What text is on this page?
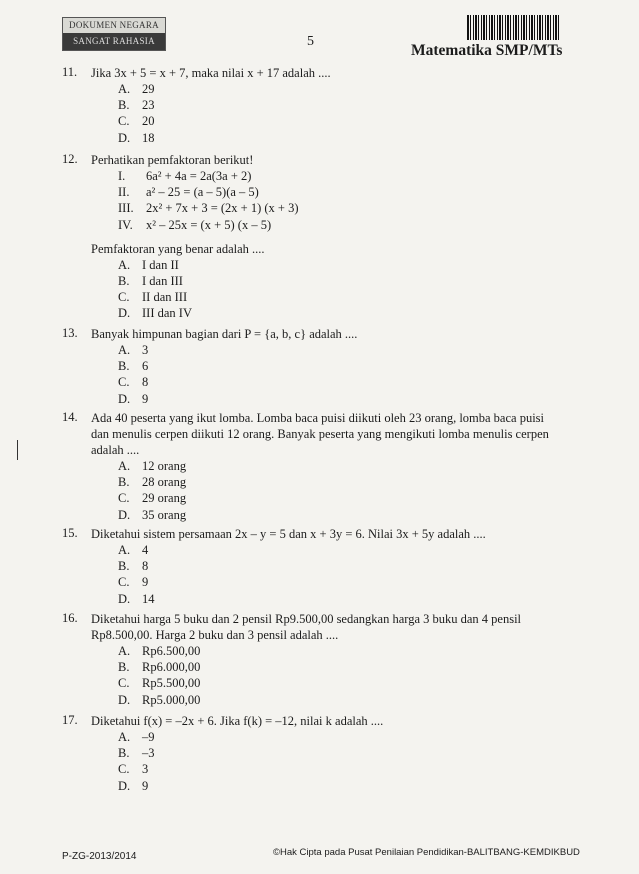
DOKUMEN NEGARA
SANGAT RAHASIA	5
Matematika SMP/MTs
11. Jika 3x + 5 = x + 7, maka nilai x + 17 adalah ....
A. 29
B. 23
C. 20
D. 18
12. Perhatikan pemfaktoran berikut!
I. 6a² + 4a = 2a(3a + 2)
II. a² – 25 = (a – 5)(a – 5)
III. 2x² + 7x + 3 = (2x + 1) (x + 3)
IV. x² – 25x = (x + 5) (x – 5)
Pemfaktoran yang benar adalah ....
A. I dan II
B. I dan III
C. II dan III
D. III dan IV
13. Banyak himpunan bagian dari P = {a, b, c} adalah ....
A. 3
B. 6
C. 8
D. 9
14. Ada 40 peserta yang ikut lomba. Lomba baca puisi diikuti oleh 23 orang, lomba baca puisi
dan menulis cerpen diikuti 12 orang. Banyak peserta yang mengikuti lomba menulis cerpen
adalah ....
A. 12 orang
B. 28 orang
C. 29 orang
D. 35 orang
15. Diketahui sistem persamaan 2x – y = 5 dan x + 3y = 6. Nilai 3x + 5y adalah ....
A. 4
B. 8
C. 9
D. 14
16. Diketahui harga 5 buku dan 2 pensil Rp9.500,00 sedangkan harga 3 buku dan 4 pensil
Rp8.500,00. Harga 2 buku dan 3 pensil adalah ....
A. Rp6.500,00
B. Rp6.000,00
C. Rp5.500,00
D. Rp5.000,00
17. Diketahui f(x) = –2x + 6. Jika f(k) = –12, nilai k adalah ....
A. –9
B. –3
C. 3
D. 9
P-ZG-2013/2014	©Hak Cipta pada Pusat Penilaian Pendidikan-BALITBANG-KEMDIKBUD
